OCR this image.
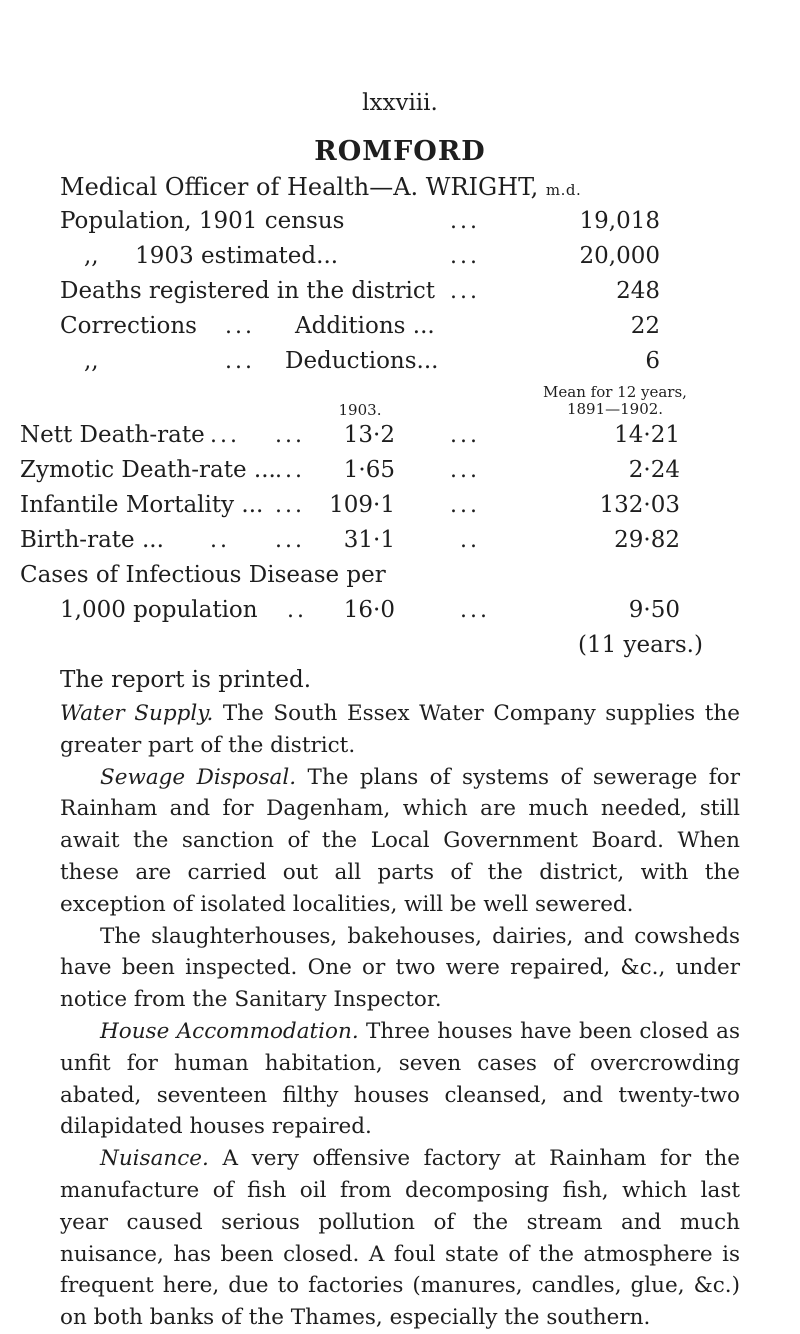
lxxviii.
ROMFORD
Medical Officer of Health—A. WRIGHT, m.d.
Population, 1901 census	...	19,018
,,     1903 estimated...	...	20,000
Deaths registered in the district ...	248
Corrections ... Additions ...	22
,,	... Deductions...	6
1903.
Mean for 12 years,
1891—1902.
Nett Death-rate ... ...	13·2	...	14·21
Zymotic Death-rate ... ...	1·65	...	2·24
Infantile Mortality ... ...	109·1	...	132·03
Birth-rate ... .. ...	31·1	..	29·82
Cases of Infectious Disease per
1,000 population ..	16·0	...	9·50
(11 years.)
The report is printed.

Water Supply. The South Essex Water Company supplies the greater part of the district.

Sewage Disposal. The plans of systems of sewerage for Rainham and for Dagenham, which are much needed, still await the sanction of the Local Government Board. When these are carried out all parts of the district, with the exception of isolated localities, will be well sewered.

The slaughterhouses, bakehouses, dairies, and cowsheds have been inspected. One or two were repaired, &c., under notice from the Sanitary Inspector.

House Accommodation. Three houses have been closed as unfit for human habitation, seven cases of overcrowding abated, seventeen filthy houses cleansed, and twenty-two dilapidated houses repaired.

Nuisance. A very offensive factory at Rainham for the manufacture of fish oil from decomposing fish, which last year caused serious pollution of the stream and much nuisance, has been closed. A foul state of the atmosphere is frequent here, due to factories (manures, candles, glue, &c.) on both banks of the Thames, especially the southern.
